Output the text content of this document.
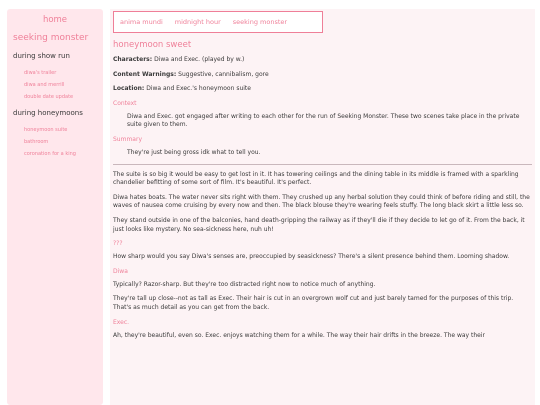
home
seeking monster
during show run
diwa's trailer
diwa and merrill
double date update
during honeymoons
honeymoon suite
bathroom
coronation for a king
anima mundi midnight hour seeking monster
honeymoon sweet
Characters: Diwa and Exec. (played by w.)
Content Warnings: Suggestive, cannibalism, gore
Location: Diwa and Exec.'s honeymoon suite
Context
Diwa and Exec. got engaged after writing to each other for the run of Seeking Monster. These two scenes take place in the private suite given to them.
Summary
They're just being gross idk what to tell you.
The suite is so big it would be easy to get lost in it. It has towering ceilings and the dining table in its middle is framed with a sparkling chandelier befitting of some sort of film. It's beautiful. It's perfect.
Diwa hates boats. The water never sits right with them. They crushed up any herbal solution they could think of before riding and still, the waves of nausea come cruising by every now and then. The black blouse they're wearing feels stuffy. The long black skirt a little less so.
They stand outside in one of the balconies, hand death-gripping the railway as if they'll die if they decide to let go of it. From the back, it just looks like mystery. No sea-sickness here, nuh uh!
???
How sharp would you say Diwa's senses are, preoccupied by seasickness? There's a silent presence behind them. Looming shadow.
Diwa
Typically? Razor-sharp. But they're too distracted right now to notice much of anything.
They're tall up close--not as tall as Exec. Their hair is cut in an overgrown wolf cut and just barely tamed for the purposes of this trip. That's as much detail as you can get from the back.
Exec.
Ah, they're beautiful, even so. Exec. enjoys watching them for a while. The way their hair drifts in the breeze. The way their
